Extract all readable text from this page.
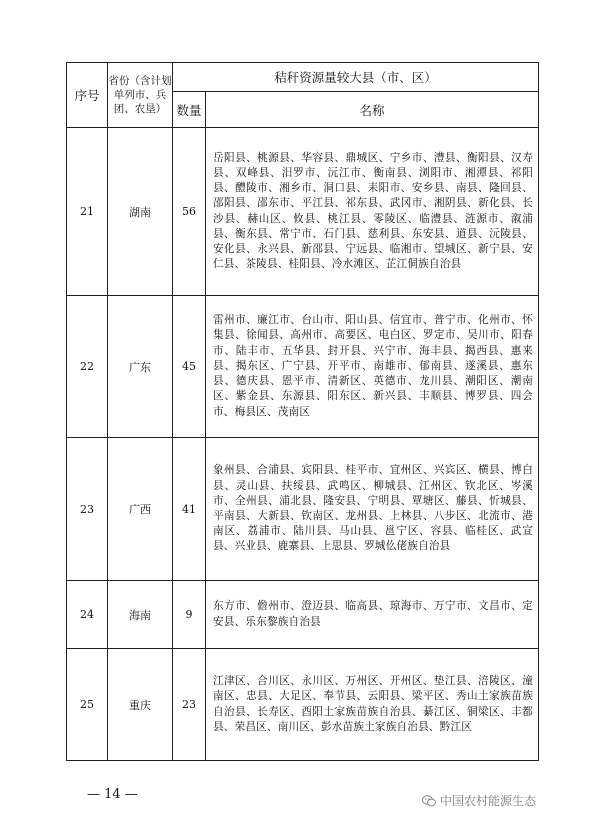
序号	省份（含计划单列市、兵团、农垦）	秸秆资源量较大县（市、区）	
		数量	名称
21	湖南	56	岳阳县、桃源县、华容县、鼎城区、宁乡市、澧县、衡阳县、汉寿县、双峰县、汨罗市、沅江市、衡南县、浏阳市、湘潭县、祁阳县、醴陵市、湘乡市、洞口县、耒阳市、安乡县、南县、隆回县、邵阳县、邵东市、平江县、祁东县、武冈市、湘阴县、新化县、长沙县、赫山区、攸县、桃江县、零陵区、临澧县、涟源市、溆浦县、衡东县、常宁市、石门县、慈利县、东安县、道县、沅陵县、安化县、永兴县、新邵县、宁远县、临湘市、望城区、新宁县、安仁县、茶陵县、桂阳县、冷水滩区、芷江侗族自治县
22	广东	45	雷州市、廉江市、台山市、阳山县、信宜市、普宁市、化州市、怀集县、徐闻县、高州市、高要区、电白区、罗定市、吴川市、阳春市、陆丰市、五华县、封开县、兴宁市、海丰县、揭西县、惠来县、揭东区、广宁县、开平市、南雄市、郁南县、遂溪县、惠东县、德庆县、恩平市、清新区、英德市、龙川县、潮阳区、潮南区、紫金县、东源县、阳东区、新兴县、丰顺县、博罗县、四会市、梅县区、茂南区
23	广西	41	象州县、合浦县、宾阳县、桂平市、宜州区、兴宾区、横县、博白县、灵山县、扶绥县、武鸣区、柳城县、江州区、钦北区、岑溪市、全州县、浦北县、隆安县、宁明县、覃塘区、藤县、忻城县、平南县、大新县、钦南区、龙州县、上林县、八步区、北流市、港南区、荔浦市、陆川县、马山县、邕宁区、容县、临桂区、武宣县、兴业县、鹿寨县、上思县、罗城仫佬族自治县
24	海南	9	东方市、儋州市、澄迈县、临高县、琼海市、万宁市、文昌市、定安县、乐东黎族自治县
25	重庆	23	江津区、合川区、永川区、万州区、开州区、垫江县、涪陵区、潼南区、忠县、大足区、奉节县、云阳县、梁平区、秀山土家族苗族自治县、长寿区、酉阳土家族苗族自治县、綦江区、铜梁区、丰都县、荣昌区、南川区、彭水苗族土家族自治县、黔江区
— 14 —	中国农村能源生态
